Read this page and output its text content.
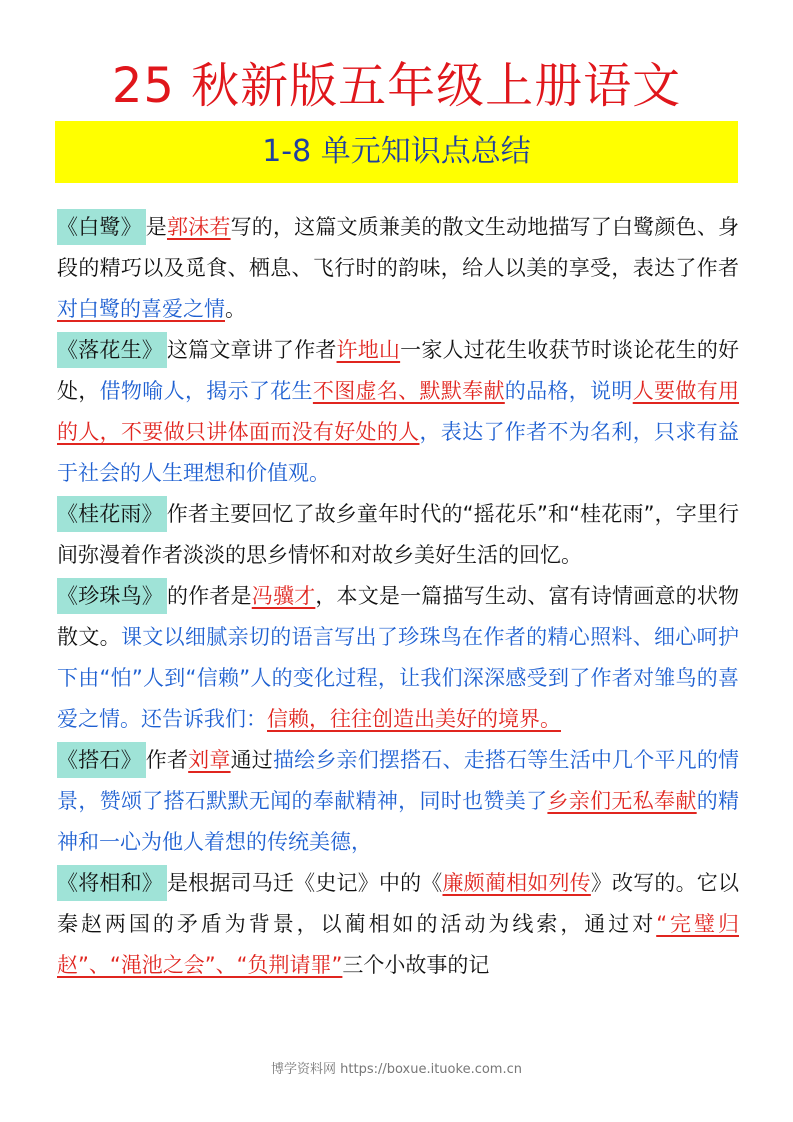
25 秋新版五年级上册语文
1-8 单元知识点总结

《白鹭》 是郭沫若写的，这篇文质兼美的散文生动地描写了白鹭颜色、身段的精巧以及觅食、栖息、飞行时的韵味，给人以美的享受，表达了作者对白鹭的喜爱之情。

《落花生》 这篇文章讲了作者许地山一家人过花生收获节时谈论花生的好处，借物喻人，揭示了花生不图虚名、默默奉献的品格，说明人要做有用的人，不要做只讲体面而没有好处的人，表达了作者不为名利，只求有益于社会的人生理想和价值观。

《桂花雨》 作者主要回忆了故乡童年时代的“摇花乐”和“桂花雨”，字里行间弥漫着作者淡淡的思乡情怀和对故乡美好生活的回忆。

《珍珠鸟》 的作者是冯骥才，本文是一篇描写生动、富有诗情画意的状物散文。课文以细腻亲切的语言写出了珍珠鸟在作者的精心照料、细心呵护下由“怕”人到“信赖”人的变化过程，让我们深深感受到了作者对雏鸟的喜爱之情。还告诉我们：信赖，往往创造出美好的境界。

《搭石》 作者刘章通过描绘乡亲们摆搭石、走搭石等生活中几个平凡的情景，赞颂了搭石默默无闻的奉献精神，同时也赞美了乡亲们无私奉献的精神和一心为他人着想的传统美德，

《将相和》 是根据司马迁《史记》中的《廉颇蔺相如列传》改写的。它以秦赵两国的矛盾为背景，以蔺相如的活动为线索，通过对“完璧归赵”、“渑池之会”、“负荆请罪”三个小故事的记

博学资料网 https://boxue.ituoke.com.cn
